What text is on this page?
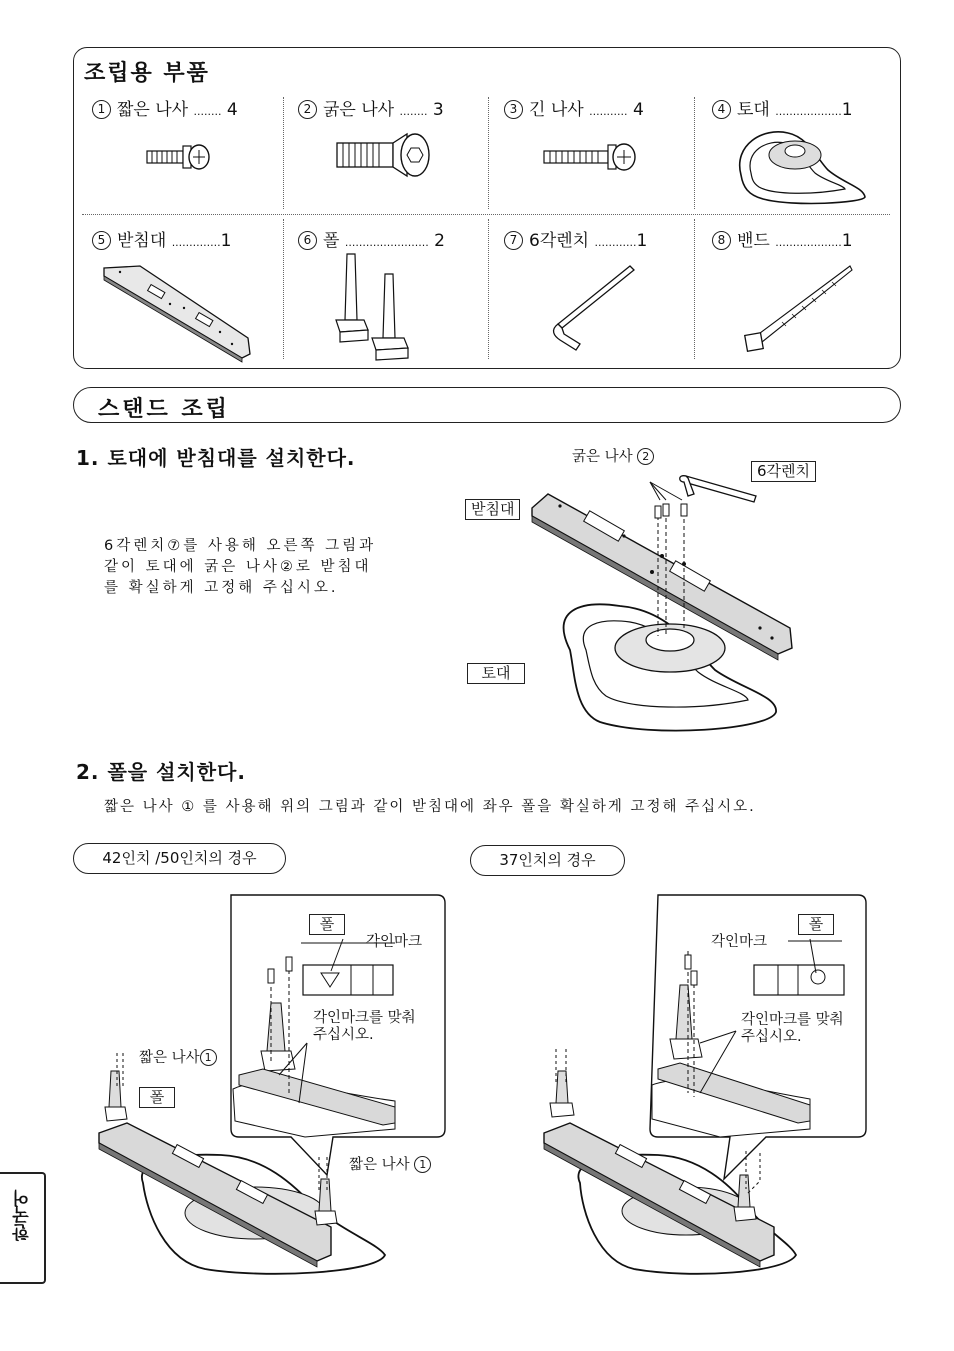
조립용 부품
1 짧은 나사 ........ 4	2 굵은 나사 ........ 3	3 긴 나사 ........... 4	4 토대 ...................1
5 받침대 ..............1	6 폴 ........................ 2	7 6각렌치 ............1	8 밴드 ...................1
스탠드 조립
1. 토대에 받침대를 설치한다.
6각렌치⑦를 사용해 오른쪽 그림과
같이 토대에 굵은 나사②로 받침대
를 확실하게 고정해 주십시오.
굵은 나사 2
6각렌치
받침대
토대
2. 폴을 설치한다.
짧은 나사 ① 를 사용해 위의 그림과 같이 받침대에 좌우 폴을 확실하게 고정해 주십시오.
42인치 /50인치의 경우	37인치의 경우
폴
각인마크
각인마크를 맞춰
주십시오.
짧은 나사 1
폴
짧은 나사 1
폴
각인마크
각인마크를 맞춰
주십시오.
한국어
